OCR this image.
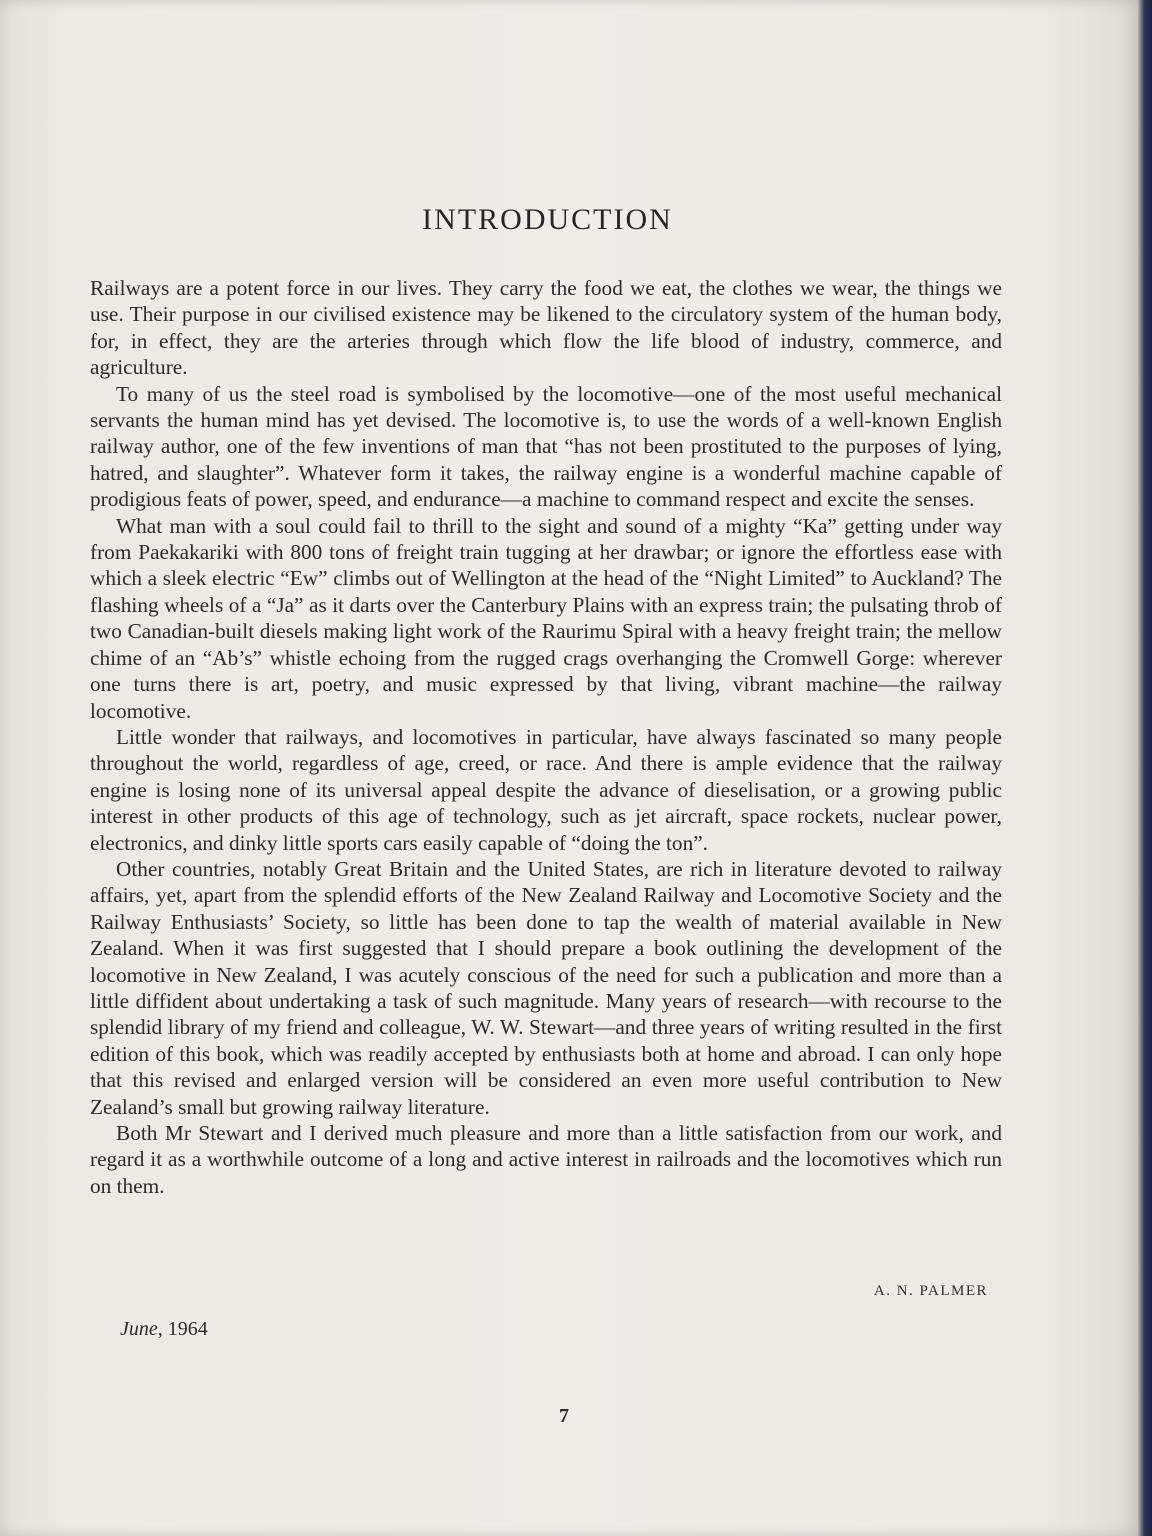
INTRODUCTION

Railways are a potent force in our lives. They carry the food we eat, the clothes we wear, the things we use. Their purpose in our civilised existence may be likened to the circulatory system of the human body, for, in effect, they are the arteries through which flow the life blood of industry, commerce, and agriculture.

To many of us the steel road is symbolised by the locomotive—one of the most useful mechanical servants the human mind has yet devised. The locomotive is, to use the words of a well-known English railway author, one of the few inventions of man that “has not been prostituted to the purposes of lying, hatred, and slaughter”. Whatever form it takes, the railway engine is a wonderful machine capable of prodigious feats of power, speed, and endurance—a machine to command respect and excite the senses.

What man with a soul could fail to thrill to the sight and sound of a mighty “Ka” getting under way from Paekakariki with 800 tons of freight train tugging at her drawbar; or ignore the effortless ease with which a sleek electric “Ew” climbs out of Wellington at the head of the “Night Limited” to Auckland? The flashing wheels of a “Ja” as it darts over the Canterbury Plains with an express train; the pulsating throb of two Canadian-built diesels making light work of the Raurimu Spiral with a heavy freight train; the mellow chime of an “Ab’s” whistle echoing from the rugged crags overhanging the Cromwell Gorge: wherever one turns there is art, poetry, and music expressed by that living, vibrant machine—the railway locomotive.

Little wonder that railways, and locomotives in particular, have always fascinated so many people throughout the world, regardless of age, creed, or race. And there is ample evidence that the railway engine is losing none of its universal appeal despite the advance of dieselisation, or a growing public interest in other products of this age of technology, such as jet aircraft, space rockets, nuclear power, electronics, and dinky little sports cars easily capable of “doing the ton”.

Other countries, notably Great Britain and the United States, are rich in literature devoted to railway affairs, yet, apart from the splendid efforts of the New Zealand Railway and Locomotive Society and the Railway Enthusiasts’ Society, so little has been done to tap the wealth of material available in New Zealand. When it was first suggested that I should prepare a book outlining the development of the locomotive in New Zealand, I was acutely conscious of the need for such a publication and more than a little diffident about undertaking a task of such magnitude. Many years of research—with recourse to the splendid library of my friend and colleague, W. W. Stewart—and three years of writing resulted in the first edition of this book, which was readily accepted by enthusiasts both at home and abroad. I can only hope that this revised and enlarged version will be considered an even more useful contribution to New Zealand’s small but growing railway literature.

Both Mr Stewart and I derived much pleasure and more than a little satisfaction from our work, and regard it as a worthwhile outcome of a long and active interest in railroads and the locomotives which run on them.

A. N. PALMER
June, 1964
7
